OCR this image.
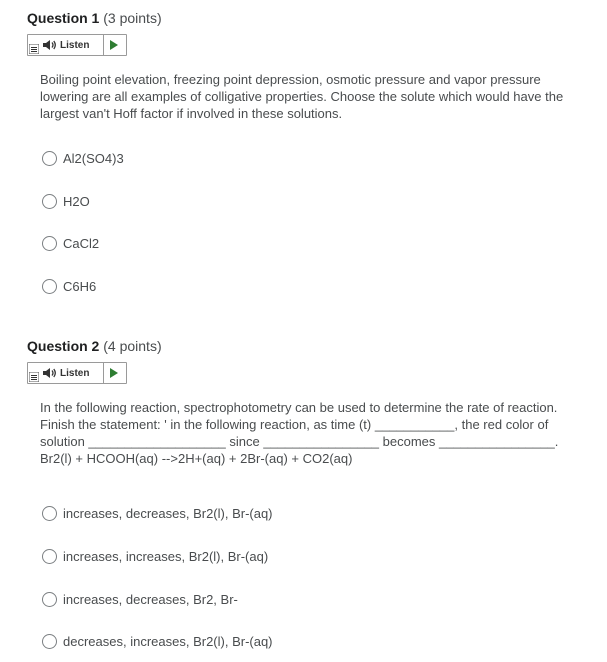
Question 1 (3 points)
Listen

Boiling point elevation, freezing point depression, osmotic pressure and vapor pressure lowering are all examples of colligative properties. Choose the solute which would have the largest van't Hoff factor if involved in these solutions.

Al2(SO4)3
H2O
CaCl2
C6H6
Question 2 (4 points)
Listen

In the following reaction, spectrophotometry can be used to determine the rate of reaction. Finish the statement: ' in the following reaction, as time (t) ___________, the red color of solution ___________________ since ________________ becomes ________________.

Br2(l) + HCOOH(aq) -->2H+(aq) + 2Br-(aq) + CO2(aq)

increases, decreases, Br2(l), Br-(aq)
increases, increases, Br2(l), Br-(aq)
increases, decreases, Br2, Br-
decreases, increases, Br2(l), Br-(aq)
